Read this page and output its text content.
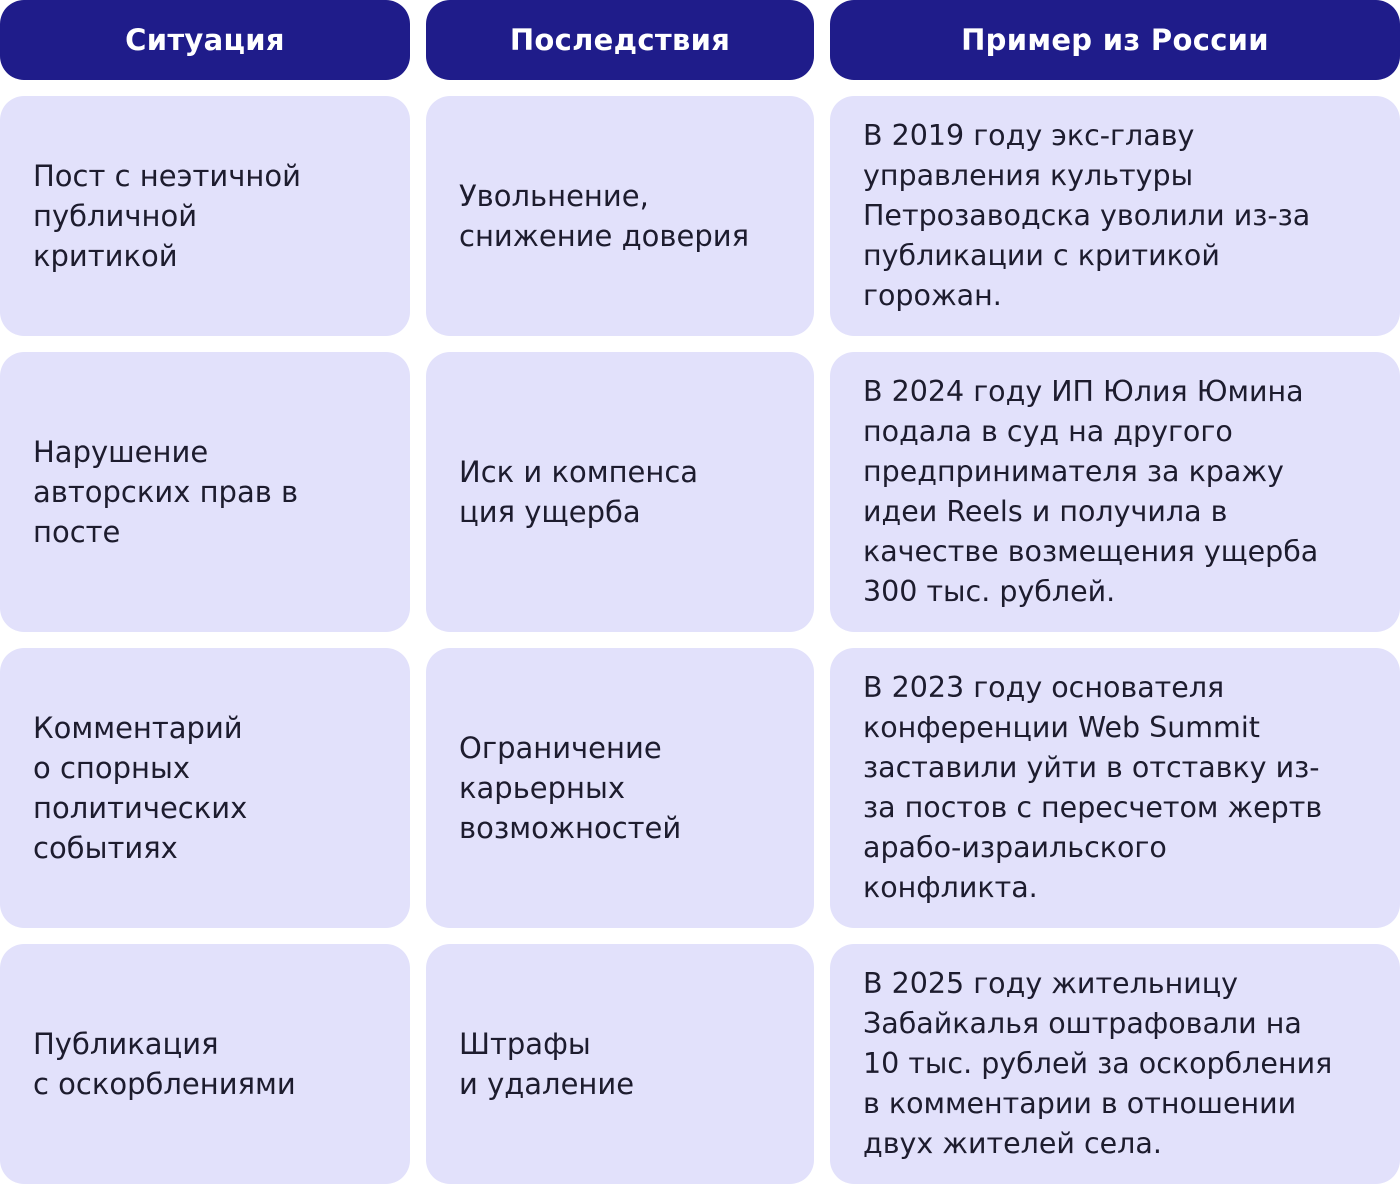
Ситуация	Последствия	Пример из России
Пост с неэтичной
публичной
критикой
Увольнение,
снижение доверия
В 2019 году экс-главу
управления культуры
Петрозаводска уволили из-за
публикации с критикой
горожан.
Нарушение
авторских прав в
посте
Иск и компенса
ция ущерба
В 2024 году ИП Юлия Юмина
подала в суд на другого
предпринимателя за кражу
идеи Reels и получила в
качестве возмещения ущерба
300 тыс. рублей.
Комментарий
о спорных
политических
событиях
Ограничение
карьерных
возможностей
В 2023 году основателя
конференции Web Summit
заставили уйти в отставку из-
за постов с пересчетом жертв
арабо-израильского
конфликта.
Публикация
с оскорблениями
Штрафы
и удаление
В 2025 году жительницу
Забайкалья оштрафовали на
10 тыс. рублей за оскорбления
в комментарии в отношении
двух жителей села.
